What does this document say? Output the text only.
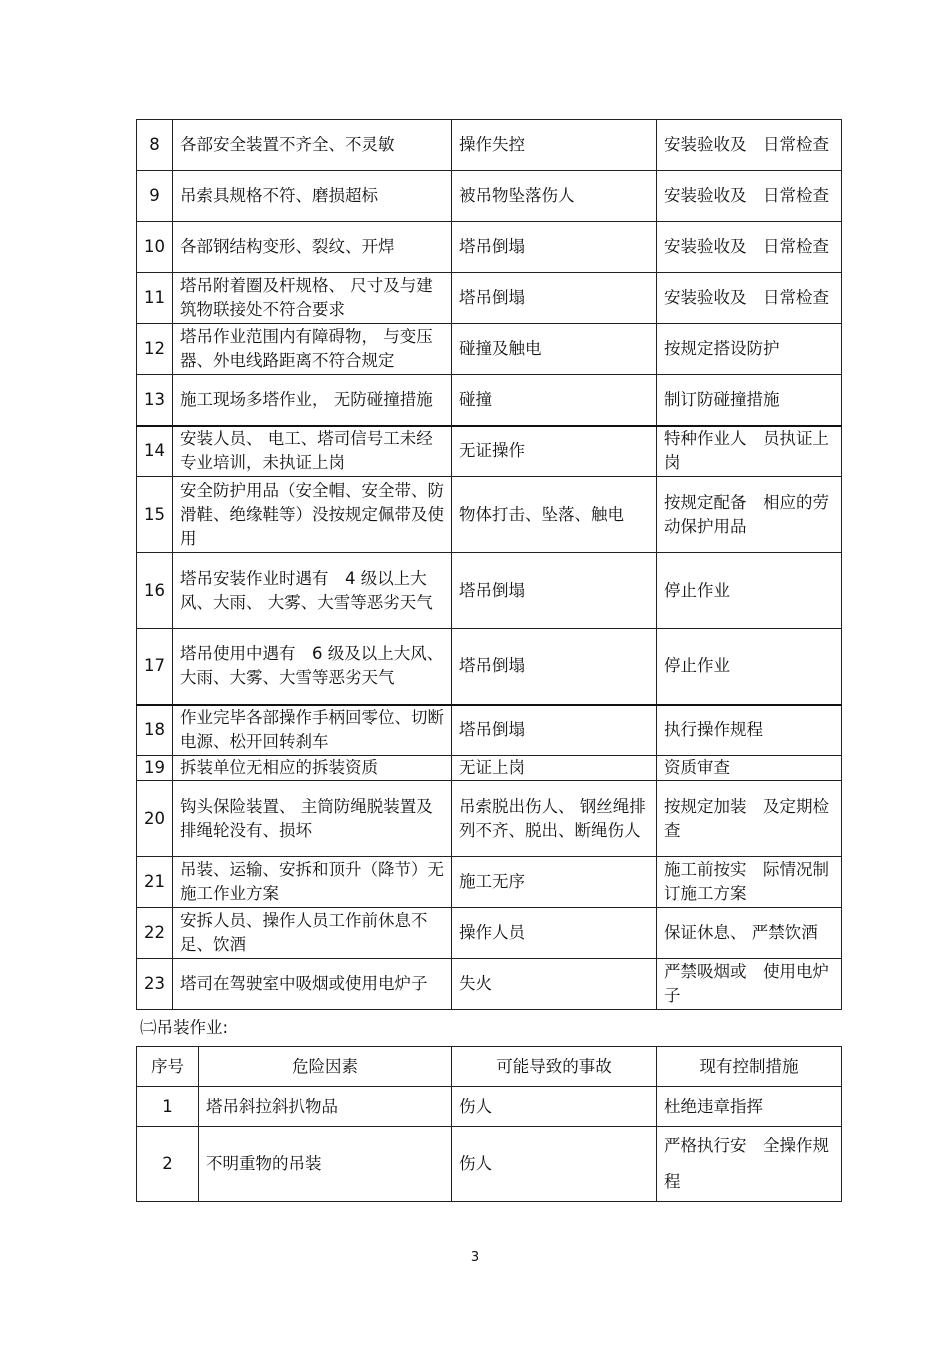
8	各部安全装置不齐全、不灵敏	操作失控	安装验收及　日常检查
9	吊索具规格不符、磨损超标	被吊物坠落伤人	安装验收及　日常检查
10	各部钢结构变形、裂纹、开焊	塔吊倒塌	安装验收及　日常检查
11	塔吊附着圈及杆规格、 尺寸及与建筑物联接处不符合要求	塔吊倒塌	安装验收及　日常检查
12	塔吊作业范围内有障碍物， 与变压器、外电线路距离不符合规定	碰撞及触电	按规定搭设防护
13	施工现场多塔作业， 无防碰撞措施	碰撞	制订防碰撞措施
14	安装人员、 电工、塔司信号工未经专业培训，未执证上岗	无证操作	特种作业人　员执证上岗
15	安全防护用品（安全帽、安全带、防滑鞋、绝缘鞋等）没按规定佩带及使用	物体打击、坠落、触电	按规定配备　相应的劳动保护用品
16	塔吊安装作业时遇有　4 级以上大风、大雨、 大雾、大雪等恶劣天气	塔吊倒塌	停止作业
17	塔吊使用中遇有　6 级及以上大风、大雨、大雾、大雪等恶劣天气	塔吊倒塌	停止作业
18	作业完毕各部操作手柄回零位、切断电源、松开回转刹车	塔吊倒塌	执行操作规程
19	拆装单位无相应的拆装资质	无证上岗	资质审查
20	钩头保险装置、 主筒防绳脱装置及排绳轮没有、损坏	吊索脱出伤人、 钢丝绳排列不齐、脱出、断绳伤人	按规定加装　及定期检查
21	吊装、运输、安拆和顶升（降节）无施工作业方案	施工无序	施工前按实　际情况制订施工方案
22	安拆人员、操作人员工作前休息不足、饮酒	操作人员	保证休息、 严禁饮酒
23	塔司在驾驶室中吸烟或使用电炉子	失火	严禁吸烟或　使用电炉子
㈡吊装作业:
序号	危险因素	可能导致的事故	现有控制措施
1	塔吊斜拉斜扒物品	伤人	杜绝违章指挥
2	不明重物的吊装	伤人	严格执行安　全操作规程
3
